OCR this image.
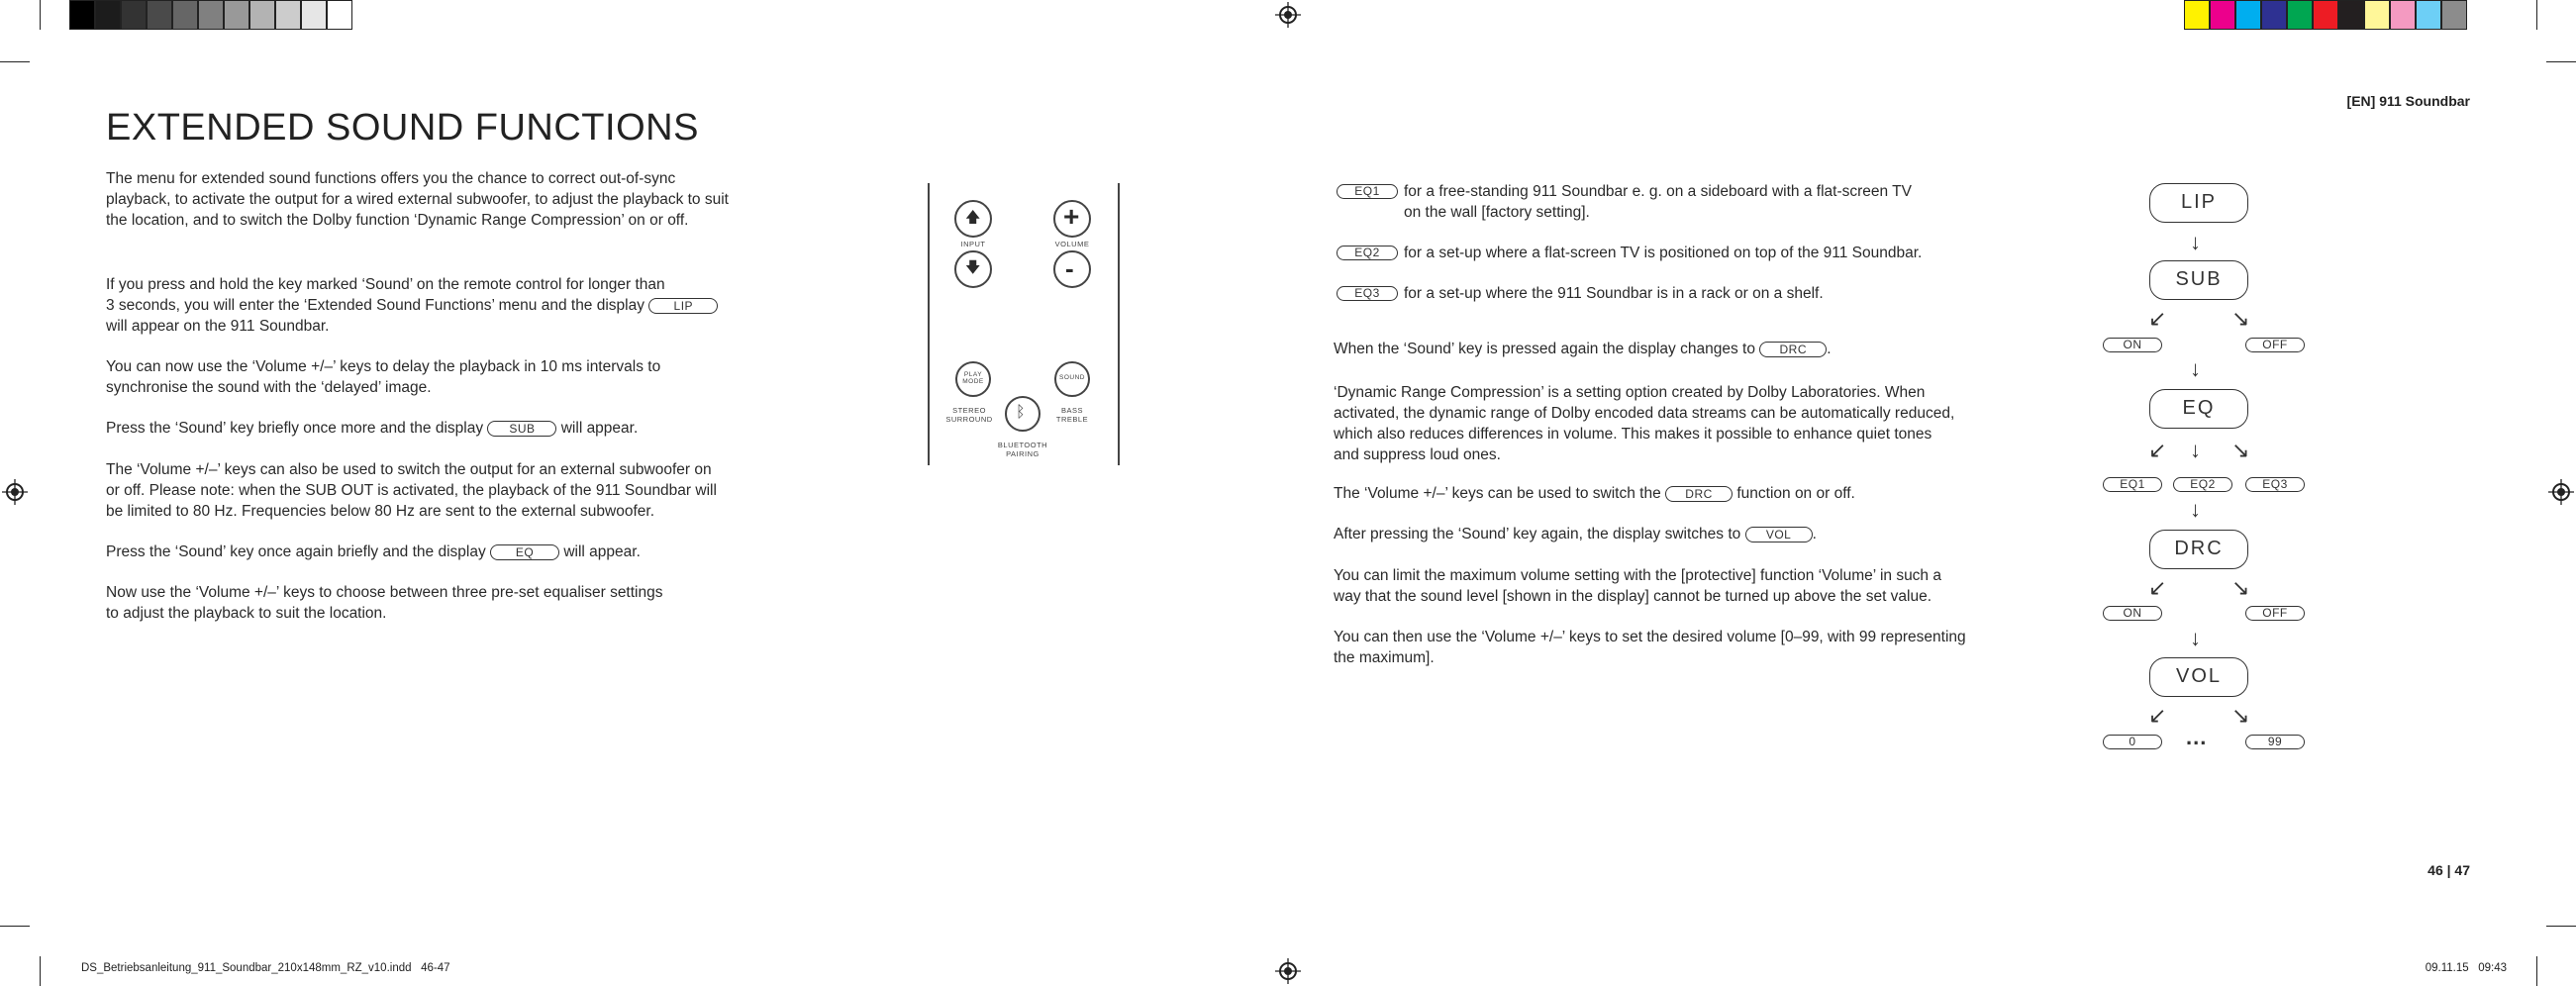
[EN] 911 Soundbar
EXTENDED SOUND FUNCTIONS

The menu for extended sound functions offers you the chance to correct out-of-sync

playback, to activate the output for a wired external subwoofer, to adjust the playback to suit

the location, and to switch the Dolby function ‘Dynamic Range Compression’ on or off.

If you press and hold the key marked ‘Sound’ on the remote control for longer than

3 seconds, you will enter the ‘Extended Sound Functions’ menu and the display LIP

will appear on the 911 Soundbar.

You can now use the ‘Volume +/–’ keys to delay the playback in 10 ms intervals to

synchronise the sound with the ‘delayed’ image.

Press the ‘Sound’ key briefly once more and the display SUB will appear.

The ‘Volume +/–’ keys can also be used to switch the output for an external subwoofer on

or off. Please note: when the SUB OUT is activated, the playback of the 911 Soundbar will

be limited to 80 Hz. Frequencies below 80 Hz are sent to the external subwoofer.

Press the ‘Sound’ key once again briefly and the display	EQ will appear.

Now use the ‘Volume +/–’ keys to choose between three pre-set equaliser settings

to adjust the playback to suit the location.

🡅	+
INPUT	VOLUME
🡇	-
PLAY MODE
SOUND
ᛒ
STEREO SURROUND
BASS TREBLE
BLUETOOTH PAIRING
EQ1	for a free-standing 911 Soundbar e. g. on a sideboard with a flat-screen TV

on the wall [factory setting].

EQ2	for a set-up where a flat-screen TV is positioned on top of the 911 Soundbar.

EQ3	for a set-up where the 911 Soundbar is in a rack or on a shelf.

When the ‘Sound’ key is pressed again the display changes to DRC .

‘Dynamic Range Compression’ is a setting option created by Dolby Laboratories. When

activated, the dynamic range of Dolby encoded data streams can be automatically reduced,

which also reduces differences in volume. This makes it possible to enhance quiet tones

and suppress loud ones.

The ‘Volume +/–’ keys can be used to switch the DRC function on or off.

After pressing the ‘Sound’ key again, the display switches to VOL .

You can limit the maximum volume setting with the [protective] function ‘Volume’ in such a

way that the sound level [shown in the display] cannot be turned up above the set value.

You can then use the ‘Volume +/–’ keys to set the desired volume [0–99, with 99 representing

the maximum].

LIP
↓
SUB
↙	↘
ON	OFF
↓
EQ
↙ ↓ ↘
EQ1	EQ2	EQ3
↓
DRC
↙	↘
ON	OFF
↓
VOL
↙	↘
0	...	99
46 | 47
DS_Betriebsanleitung_911_Soundbar_210x148mm_RZ_v10.indd   46-47	09.11.15   09:43
